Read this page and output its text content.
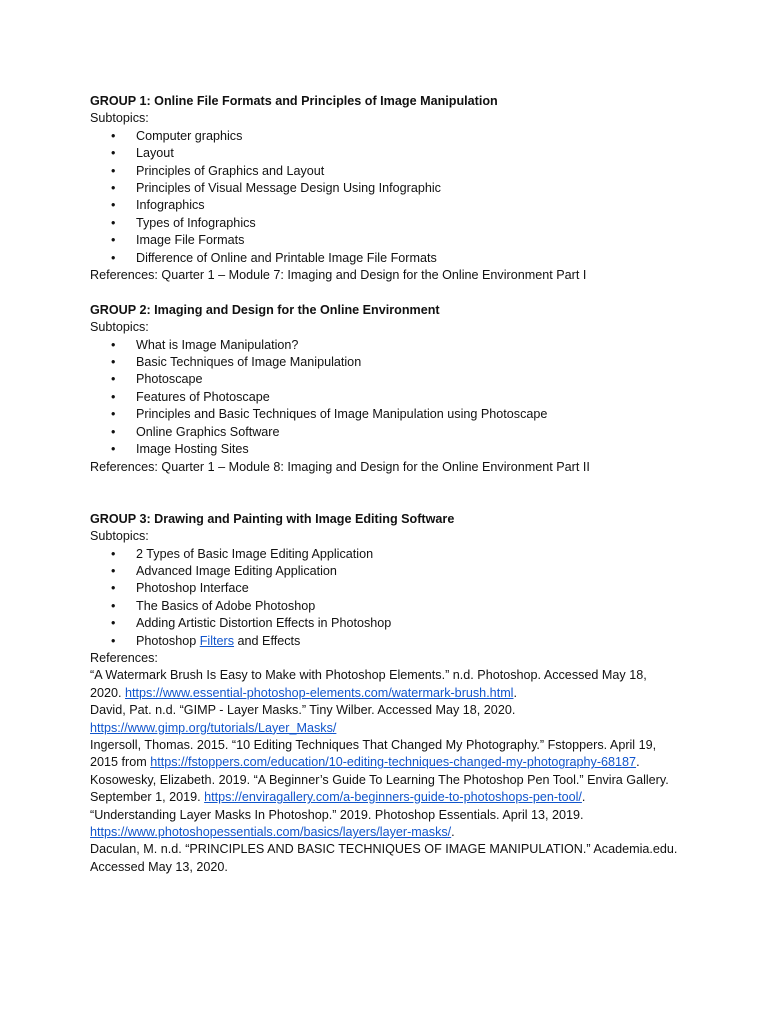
GROUP 1: Online File Formats and Principles of Image Manipulation
Subtopics:
• Computer graphics
• Layout
• Principles of Graphics and Layout
• Principles of Visual Message Design Using Infographic
• Infographics
• Types of Infographics
• Image File Formats
• Difference of Online and Printable Image File Formats
References: Quarter 1 – Module 7: Imaging and Design for the Online Environment Part I
GROUP 2: Imaging and Design for the Online Environment
Subtopics:
• What is Image Manipulation?
• Basic Techniques of Image Manipulation
• Photoscape
• Features of Photoscape
• Principles and Basic Techniques of Image Manipulation using Photoscape
• Online Graphics Software
• Image Hosting Sites
References: Quarter 1 – Module 8: Imaging and Design for the Online Environment Part II
GROUP 3: Drawing and Painting with Image Editing Software
Subtopics:
• 2 Types of Basic Image Editing Application
• Advanced Image Editing Application
• Photoshop Interface
• The Basics of Adobe Photoshop
• Adding Artistic Distortion Effects in Photoshop
• Photoshop Filters and Effects
References:
“A Watermark Brush Is Easy to Make with Photoshop Elements.” n.d. Photoshop. Accessed May 18,
2020. https://www.essential-photoshop-elements.com/watermark-brush.html.
David, Pat. n.d. “GIMP - Layer Masks.” Tiny Wilber. Accessed May 18, 2020.
https://www.gimp.org/tutorials/Layer_Masks/
Ingersoll, Thomas. 2015. “10 Editing Techniques That Changed My Photography.” Fstoppers. April 19,
2015 from https://fstoppers.com/education/10-editing-techniques-changed-my-photography-68187.
Kosowesky, Elizabeth. 2019. “A Beginner’s Guide To Learning The Photoshop Pen Tool.” Envira Gallery.
September 1, 2019. https://enviragallery.com/a-beginners-guide-to-photoshops-pen-tool/.
“Understanding Layer Masks In Photoshop.” 2019. Photoshop Essentials. April 13, 2019.
https://www.photoshopessentials.com/basics/layers/layer-masks/.
Daculan, M. n.d. “PRINCIPLES AND BASIC TECHNIQUES OF IMAGE MANIPULATION.” Academia.edu.
Accessed May 13, 2020.
